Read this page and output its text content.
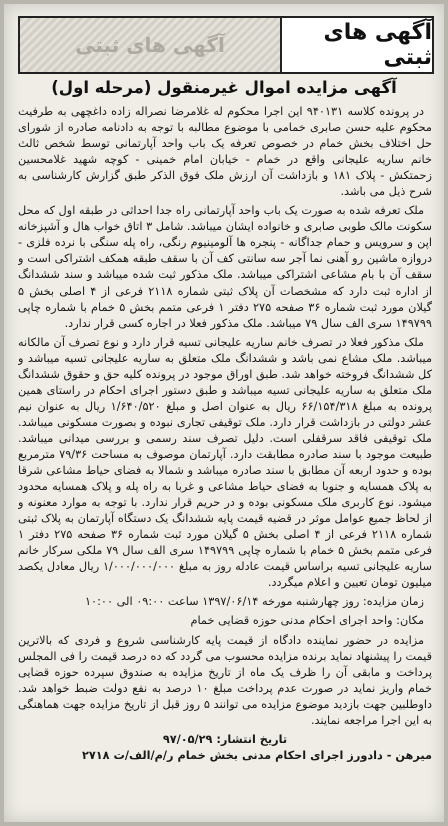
آگهی های ثبتی
آگهی های ثبتی
آگهی مزایده اموال غیرمنقول (مرحله اول)

در پرونده کلاسه ۹۴۰۱۳۱ این اجرا محکوم له غلامرضا نصراله زاده داغچهی به طرفیت محکوم علیه حسن صابری خمامی با موضوع مطالبه با توجه به دادنامه صادره از شورای حل اختلاف بخش خمام در خصوص تعرفه یک باب واحد آپارتمانی توسط شخص ثالث خانم ساریه علیجانی واقع در خمام - خیابان امام خمینی - کوچه شهید غلامحسین زحمتکش - پلاک ۱۸۱ و بازداشت آن ارزش ملک فوق الذکر طبق گزارش کارشناسی به شرح ذیل می باشد.

ملک تعرفه شده به صورت یک باب واحد آپارتمانی راه جدا احداثی در طبقه اول که محل سکونت مالک طوبی صابری و خانواده ایشان میباشد. شامل ۳ اتاق خواب هال و آشپزخانه اپن و سرویس و حمام جداگانه - پنجره ها آلومینیوم رنگی، راه پله سنگی با نرده فلزی - دروازه ماشین رو آهنی نما آجر سه سانتی کف آن با سقف طبقه همکف اشتراکی است و سقف آن با بام مشاعی اشتراکی میباشد. ملک مذکور ثبت شده میباشد و سند ششدانگ از اداره ثبت دارد که مشخصات آن پلاک ثبتی شماره ۲۱۱۸ فرعی از ۴ اصلی بخش ۵ گیلان مورد ثبت شماره ۳۶ صفحه ۲۷۵ دفتر ۱ فرعی متمم بخش ۵ خمام با شماره چاپی ۱۴۹۷۹۹ سری الف سال ۷۹ میباشد. ملک مذکور فعلا در اجاره کسی قرار ندارد.

ملک مذکور فعلا در تصرف خانم ساریه علیجانی تسیه قرار دارد و نوع تصرف آن مالکانه میباشد. ملک مشاع نمی باشد و ششدانگ ملک متعلق به ساریه علیجانی تسیه میباشد و کل ششدانگ فروخته خواهد شد. طبق اوراق موجود در پرونده کلیه حق و حقوق ششدانگ ملک متعلق به ساریه علیجانی تسیه میباشد و طبق دستور اجرای احکام در راستای همین پرونده به مبلغ ۶۶/۱۵۴/۳۱۸ ریال به عنوان اصل و مبلغ ۱/۶۴۰/۵۲۰ ریال به عنوان نیم عشر دولتی در بازداشت قرار دارد. ملک توقیفی تجاری نبوده و بصورت مسکونی میباشد. ملک توقیفی فاقد سرقفلی است. دلیل تصرف سند رسمی و بررسی میدانی میباشد. طبیعت موجود با سند صادره مطابقت دارد. آپارتمان موصوف به مساحت ۷۹/۳۶ مترمربع بوده و حدود اربعه آن مطابق با سند صادره میباشد و شمالا به فضای حیاط مشاعی شرقا به پلاک همسایه و جنوبا به فضای حیاط مشاعی و غربا به راه پله و پلاک همسایه محدود میشود. نوع کاربری ملک مسکونی بوده و در حریم قرار ندارد. با توجه به موارد معنونه و از لحاظ جمیع عوامل موثر در قضیه قیمت پایه ششدانگ یک دستگاه آپارتمان به پلاک ثبتی شماره ۲۱۱۸ فرعی از ۴ اصلی بخش ۵ گیلان مورد ثبت شماره ۳۶ صفحه ۲۷۵ دفتر ۱ فرعی متمم بخش ۵ خمام با شماره چاپی ۱۴۹۷۹۹ سری الف سال ۷۹ ملکی سرکار خانم ساریه علیجانی تسیه براساس قیمت عادله روز به مبلغ ۱/۰۰۰/۰۰۰/۰۰۰ ریال معادل یکصد میلیون تومان تعیین و اعلام میگردد.

زمان مزایده: روز چهارشنبه مورخه ۱۳۹۷/۰۶/۱۴ ساعت ۰۹:۰۰ الی ۱۰:۰۰

مکان: واحد اجرای احکام مدنی حوزه قضایی خمام

مزایده در حضور نماینده دادگاه از قیمت پایه کارشناسی شروع و فردی که بالاترین قیمت را پیشنهاد نماید برنده مزایده محسوب می گردد که ده درصد قیمت را فی المجلس پرداخت و مابقی آن را ظرف یک ماه از تاریخ مزایده به صندوق سپرده حوزه قضایی خمام واریز نماید در صورت عدم پرداخت مبلغ ۱۰ درصد به نفع دولت ضبط خواهد شد. داوطلبین جهت بازدید موضوع مزایده می توانند ۵ روز قبل از تاریخ مزایده جهت هماهنگی به این اجرا مراجعه نمایند.

تاریخ انتشار: ۹۷/۰۵/۲۹
میرهن - دادورز اجرای احکام مدنی بخش خمام ر/م/الف/ت ۲۷۱۸
